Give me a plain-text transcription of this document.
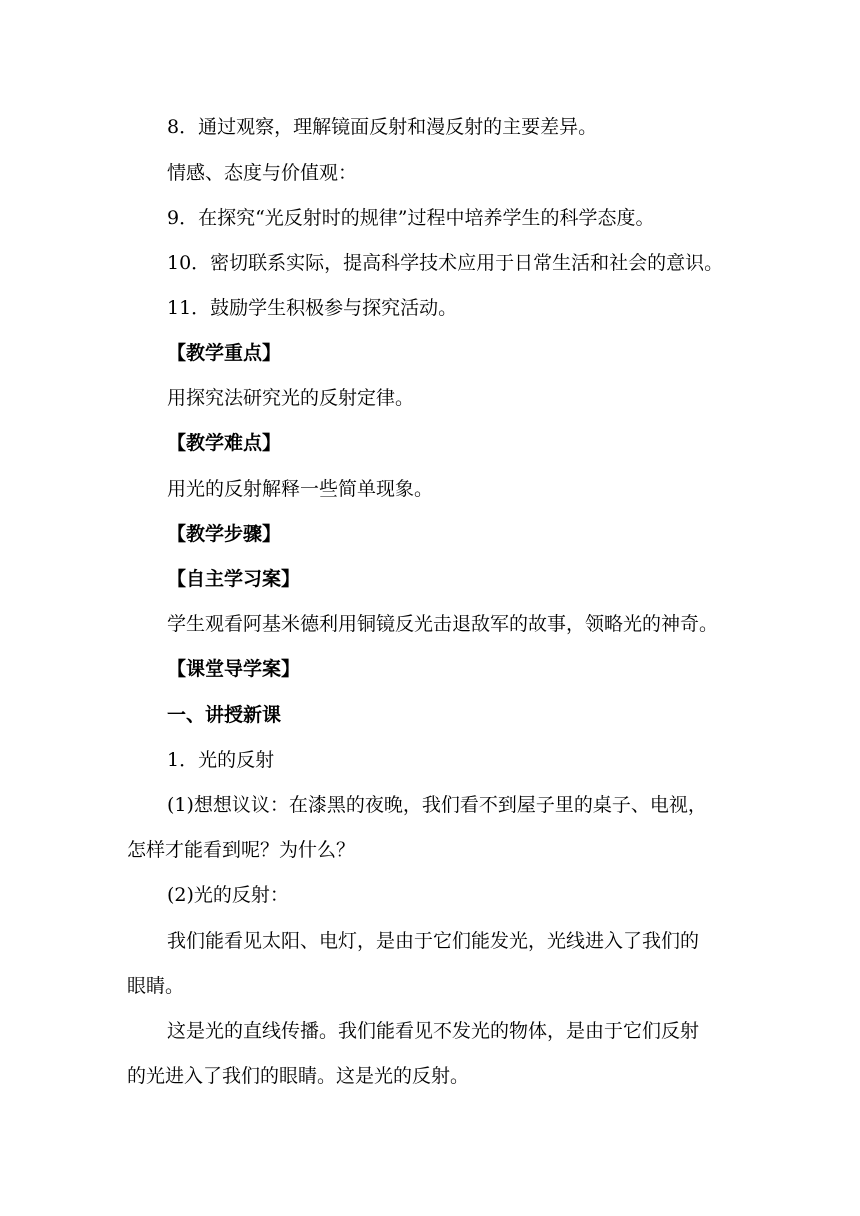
8．通过观察，理解镜面反射和漫反射的主要差异。
情感、态度与价值观：
9．在探究“光反射时的规律”过程中培养学生的科学态度。
10．密切联系实际，提高科学技术应用于日常生活和社会的意识。
11．鼓励学生积极参与探究活动。
【教学重点】
用探究法研究光的反射定律。
【教学难点】
用光的反射解释一些简单现象。
【教学步骤】
【自主学习案】
学生观看阿基米德利用铜镜反光击退敌军的故事，领略光的神奇。
【课堂导学案】
一、讲授新课
1．光的反射
(1)想想议议：在漆黑的夜晚，我们看不到屋子里的桌子、电视，
怎样才能看到呢？为什么？
(2)光的反射：
我们能看见太阳、电灯，是由于它们能发光，光线进入了我们的
眼睛。
这是光的直线传播。我们能看见不发光的物体，是由于它们反射
的光进入了我们的眼睛。这是光的反射。
